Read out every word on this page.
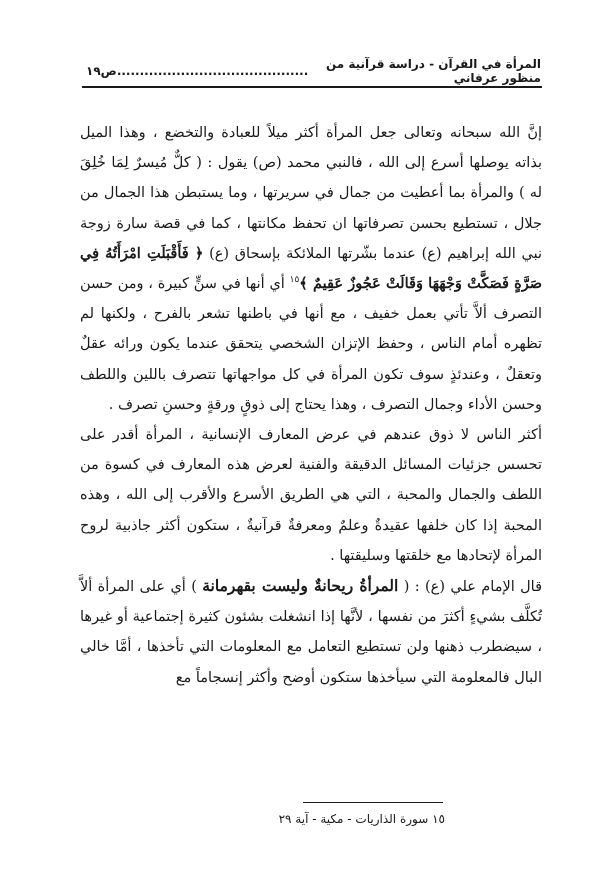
المرأة في القرآن - دراسة قرآنية من منظور عرفاني
..........................................
ص١٩

إنَّ الله سبحانه وتعالى جعل المرأة أكثر ميلاً للعبادة والتخضع ، وهذا الميل بذاته يوصلها أسرع إلى الله ، فالنبي محمد (ص) يقول : ( كلٌّ مُيسرٌ لِمَا خُلِقَ له ) والمرأة بما أعطيت من جمال في سريرتها ، وما يستبطن هذا الجمال من جلال ، تستطيع بحسن تصرفاتها ان تحفظ مكانتها ، كما في قصة سارة زوجة نبي الله إبراهيم (ع) عندما بشّرتها الملائكة بإسحاق (ع) ﴿ فَأَقْبَلَتِ امْرَأَتُهُ فِي صَرَّةٍ فَصَكَّتْ وَجْهَهَا وَقَالَتْ عَجُوزٌ عَقِيمٌ ﴾$^{١٥}$ أي أنها في سنٍّ كبيرة ، ومن حسن التصرف ألاَّ تأتي بعمل خفيف ، مع أنها في باطنها تشعر بالفرح ، ولكنها لم تظهره أمام الناس ، وحفظ الإتزان الشخصي يتحقق عندما يكون ورائه عقلٌ وتعقلٌ ، وعندئذٍ سوف تكون المرأة في كل مواجهاتها تتصرف باللين واللطف وحسن الأداء وجمال التصرف ، وهذا يحتاج إلى ذوقٍ ورقةٍ وحسنِ تصرف .

أكثر الناس لا ذوق عندهم في عرض المعارف الإنسانية ، المرأة أقدر على تحسس جزئيات المسائل الدقيقة والفنية لعرض هذه المعارف في كسوة من اللطف والجمال والمحبة ، التي هي الطريق الأسرع والأقرب إلى الله ، وهذه المحبة إذا كان خلفها عقيدةٌ وعلمٌ ومعرفةٌ قرآنيةٌ ، ستكون أكثر جاذبية لروح المرأة لإتحادها مع خلقتها وسليقتها .

قال الإمام علي (ع) : ( المرأةُ ريحانةٌ وليست بقهرمانة ) أي على المرأة ألاَّ تُكلَّف بشيءٍ أكثرَ من نفسها ، لأنَّها إذا انشغلت بشئون كثيرة إجتماعية أو غيرها ، سيضطرب ذهنها ولن تستطيع التعامل مع المعلومات التي تأخذها ، أمَّا خالي البال فالمعلومة التي سيأخذها ستكون أوضح وأكثر إنسجاماً مع

١٥ سورة الذاريات - مكية - آية ٢٩
